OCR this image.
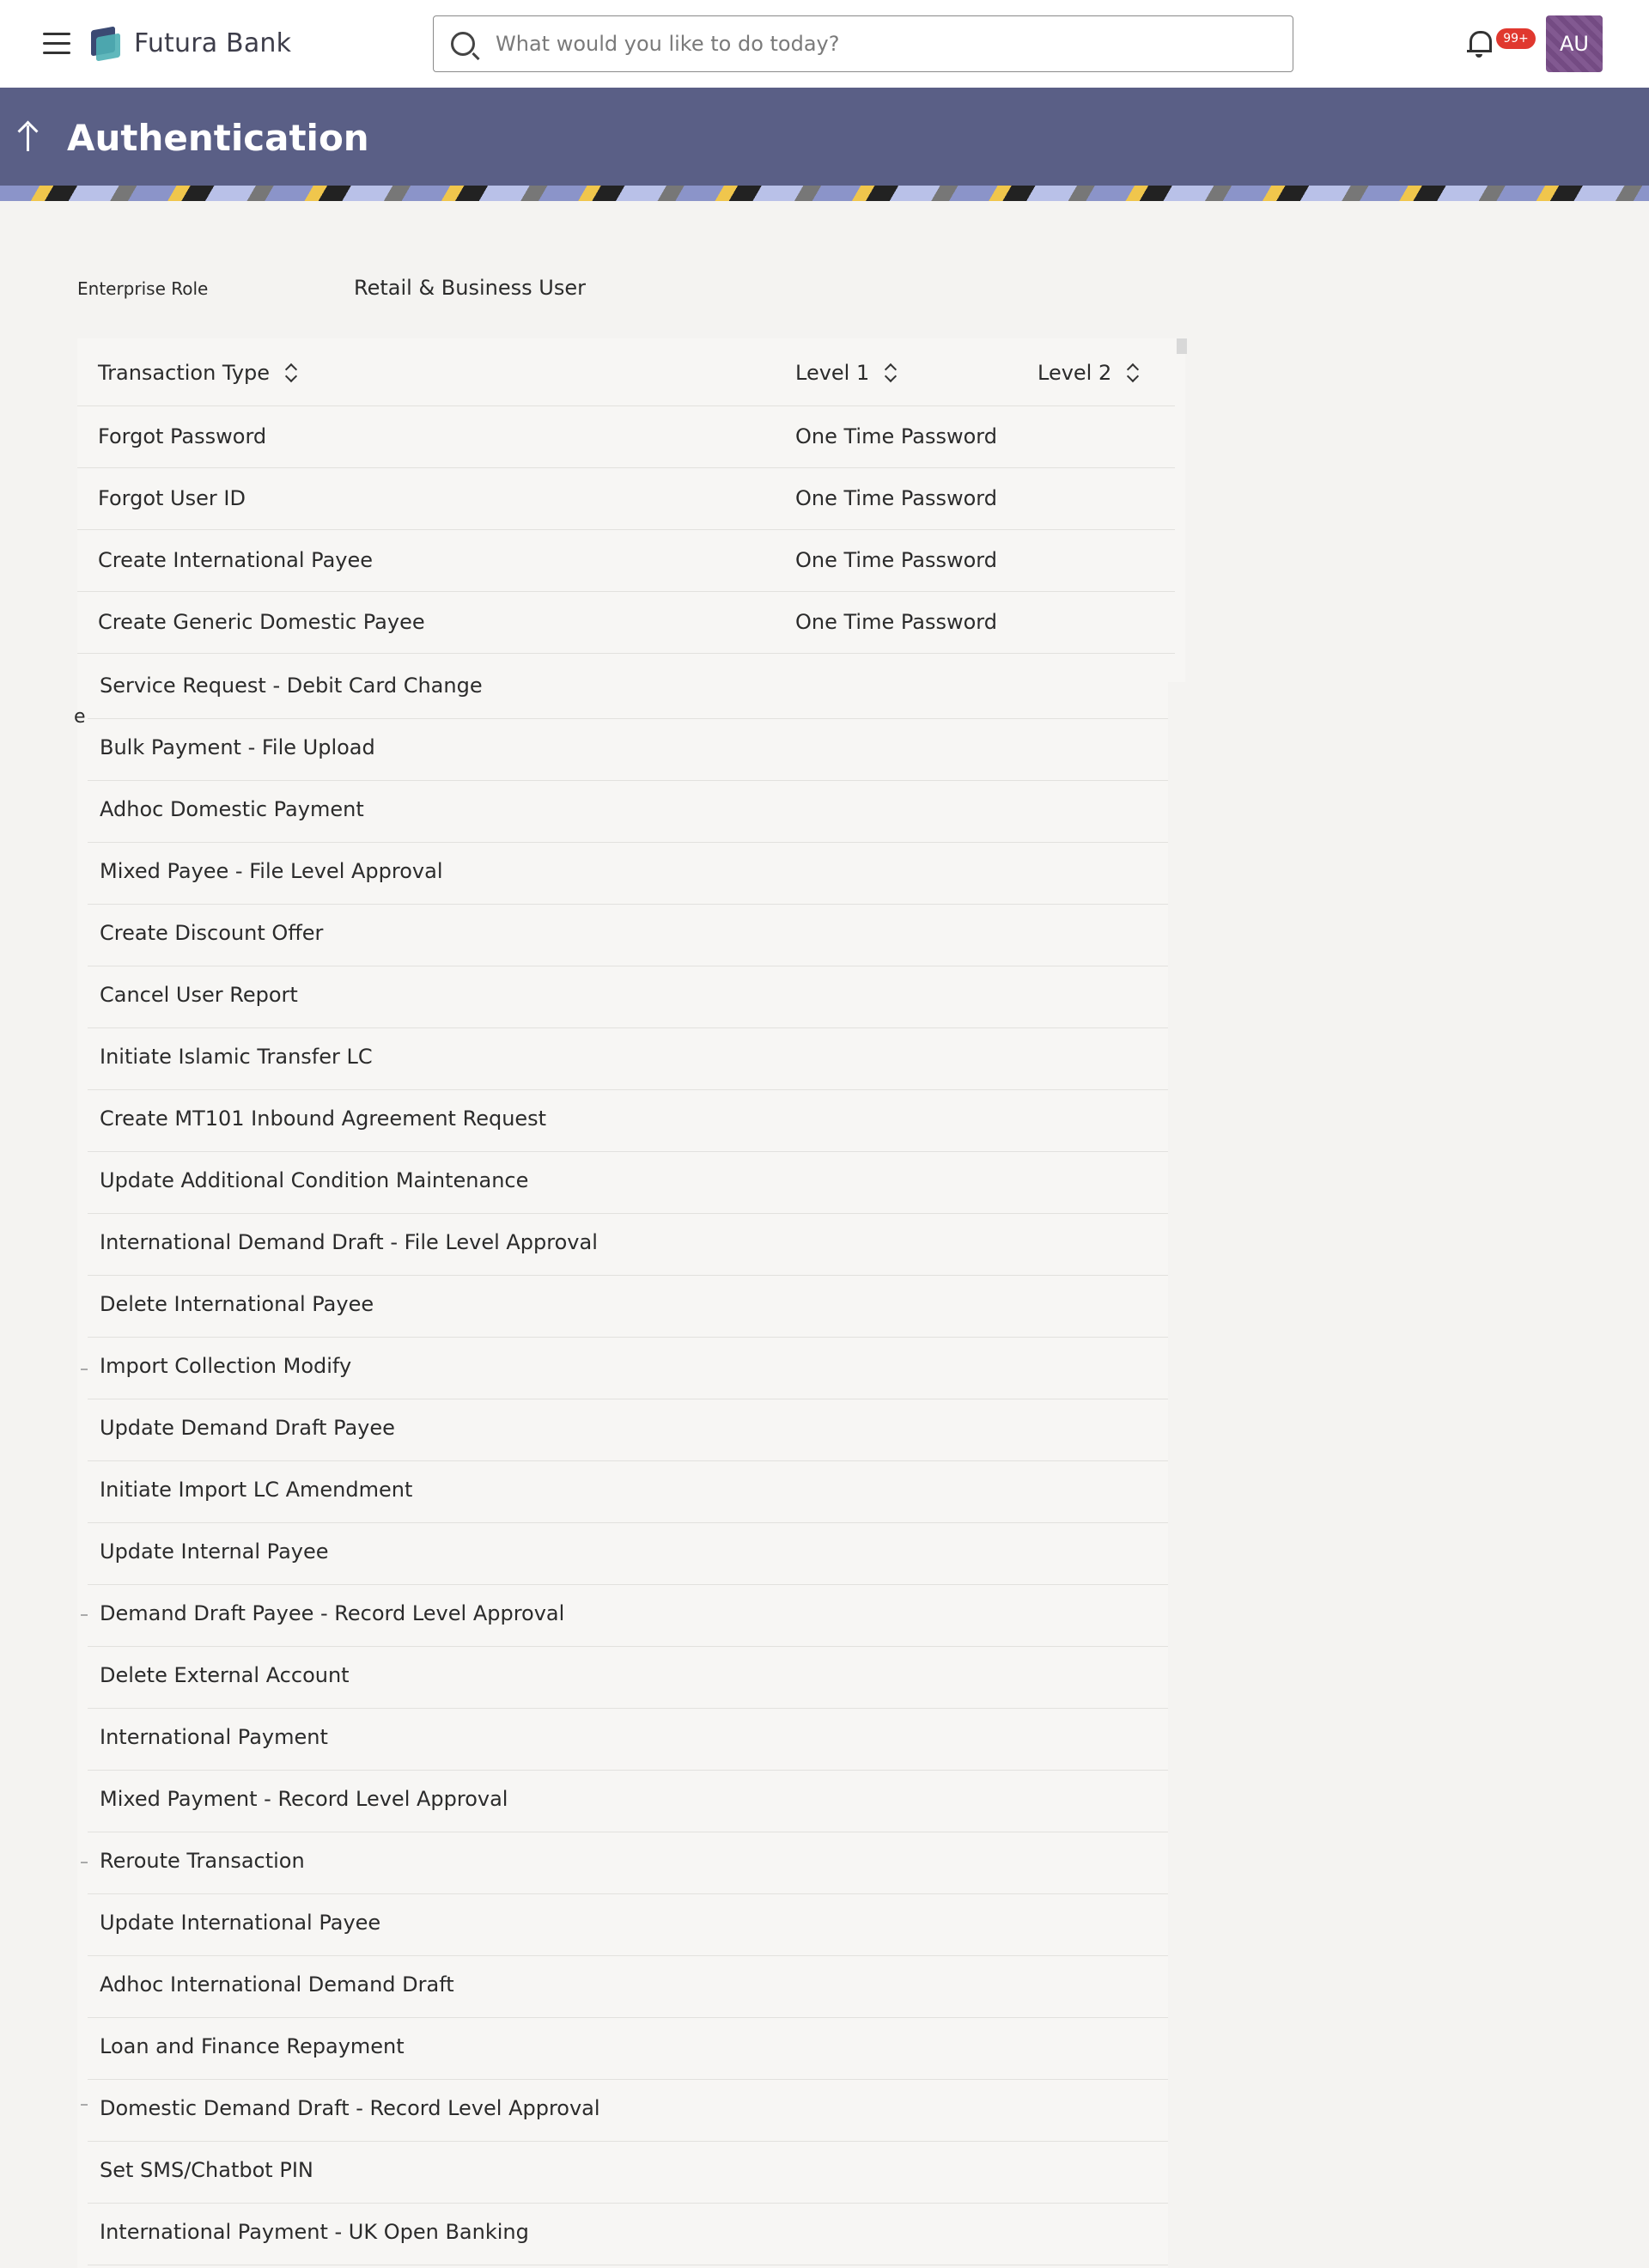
Futura Bank
What would you like to do today?	99+	AU
Authentication
Enterprise Role	Retail & Business User
Transaction Type	Level 1	Level 2
Forgot Password	One Time Password
Forgot User ID	One Time Password
Create International Payee	One Time Password
Create Generic Domestic Payee	One Time Password
Service Request - Debit Card Change
Bulk Payment - File Upload
Adhoc Domestic Payment
Mixed Payee - File Level Approval
Create Discount Offer
Cancel User Report
Initiate Islamic Transfer LC
Create MT101 Inbound Agreement Request
Update Additional Condition Maintenance
International Demand Draft - File Level Approval
Delete International Payee
Import Collection Modify
Update Demand Draft Payee
Initiate Import LC Amendment
Update Internal Payee
Demand Draft Payee - Record Level Approval
Delete External Account
International Payment
Mixed Payment - Record Level Approval
Reroute Transaction
Update International Payee
Adhoc International Demand Draft
Loan and Finance Repayment
Domestic Demand Draft - Record Level Approval
Set SMS/Chatbot PIN
International Payment - UK Open Banking
e
